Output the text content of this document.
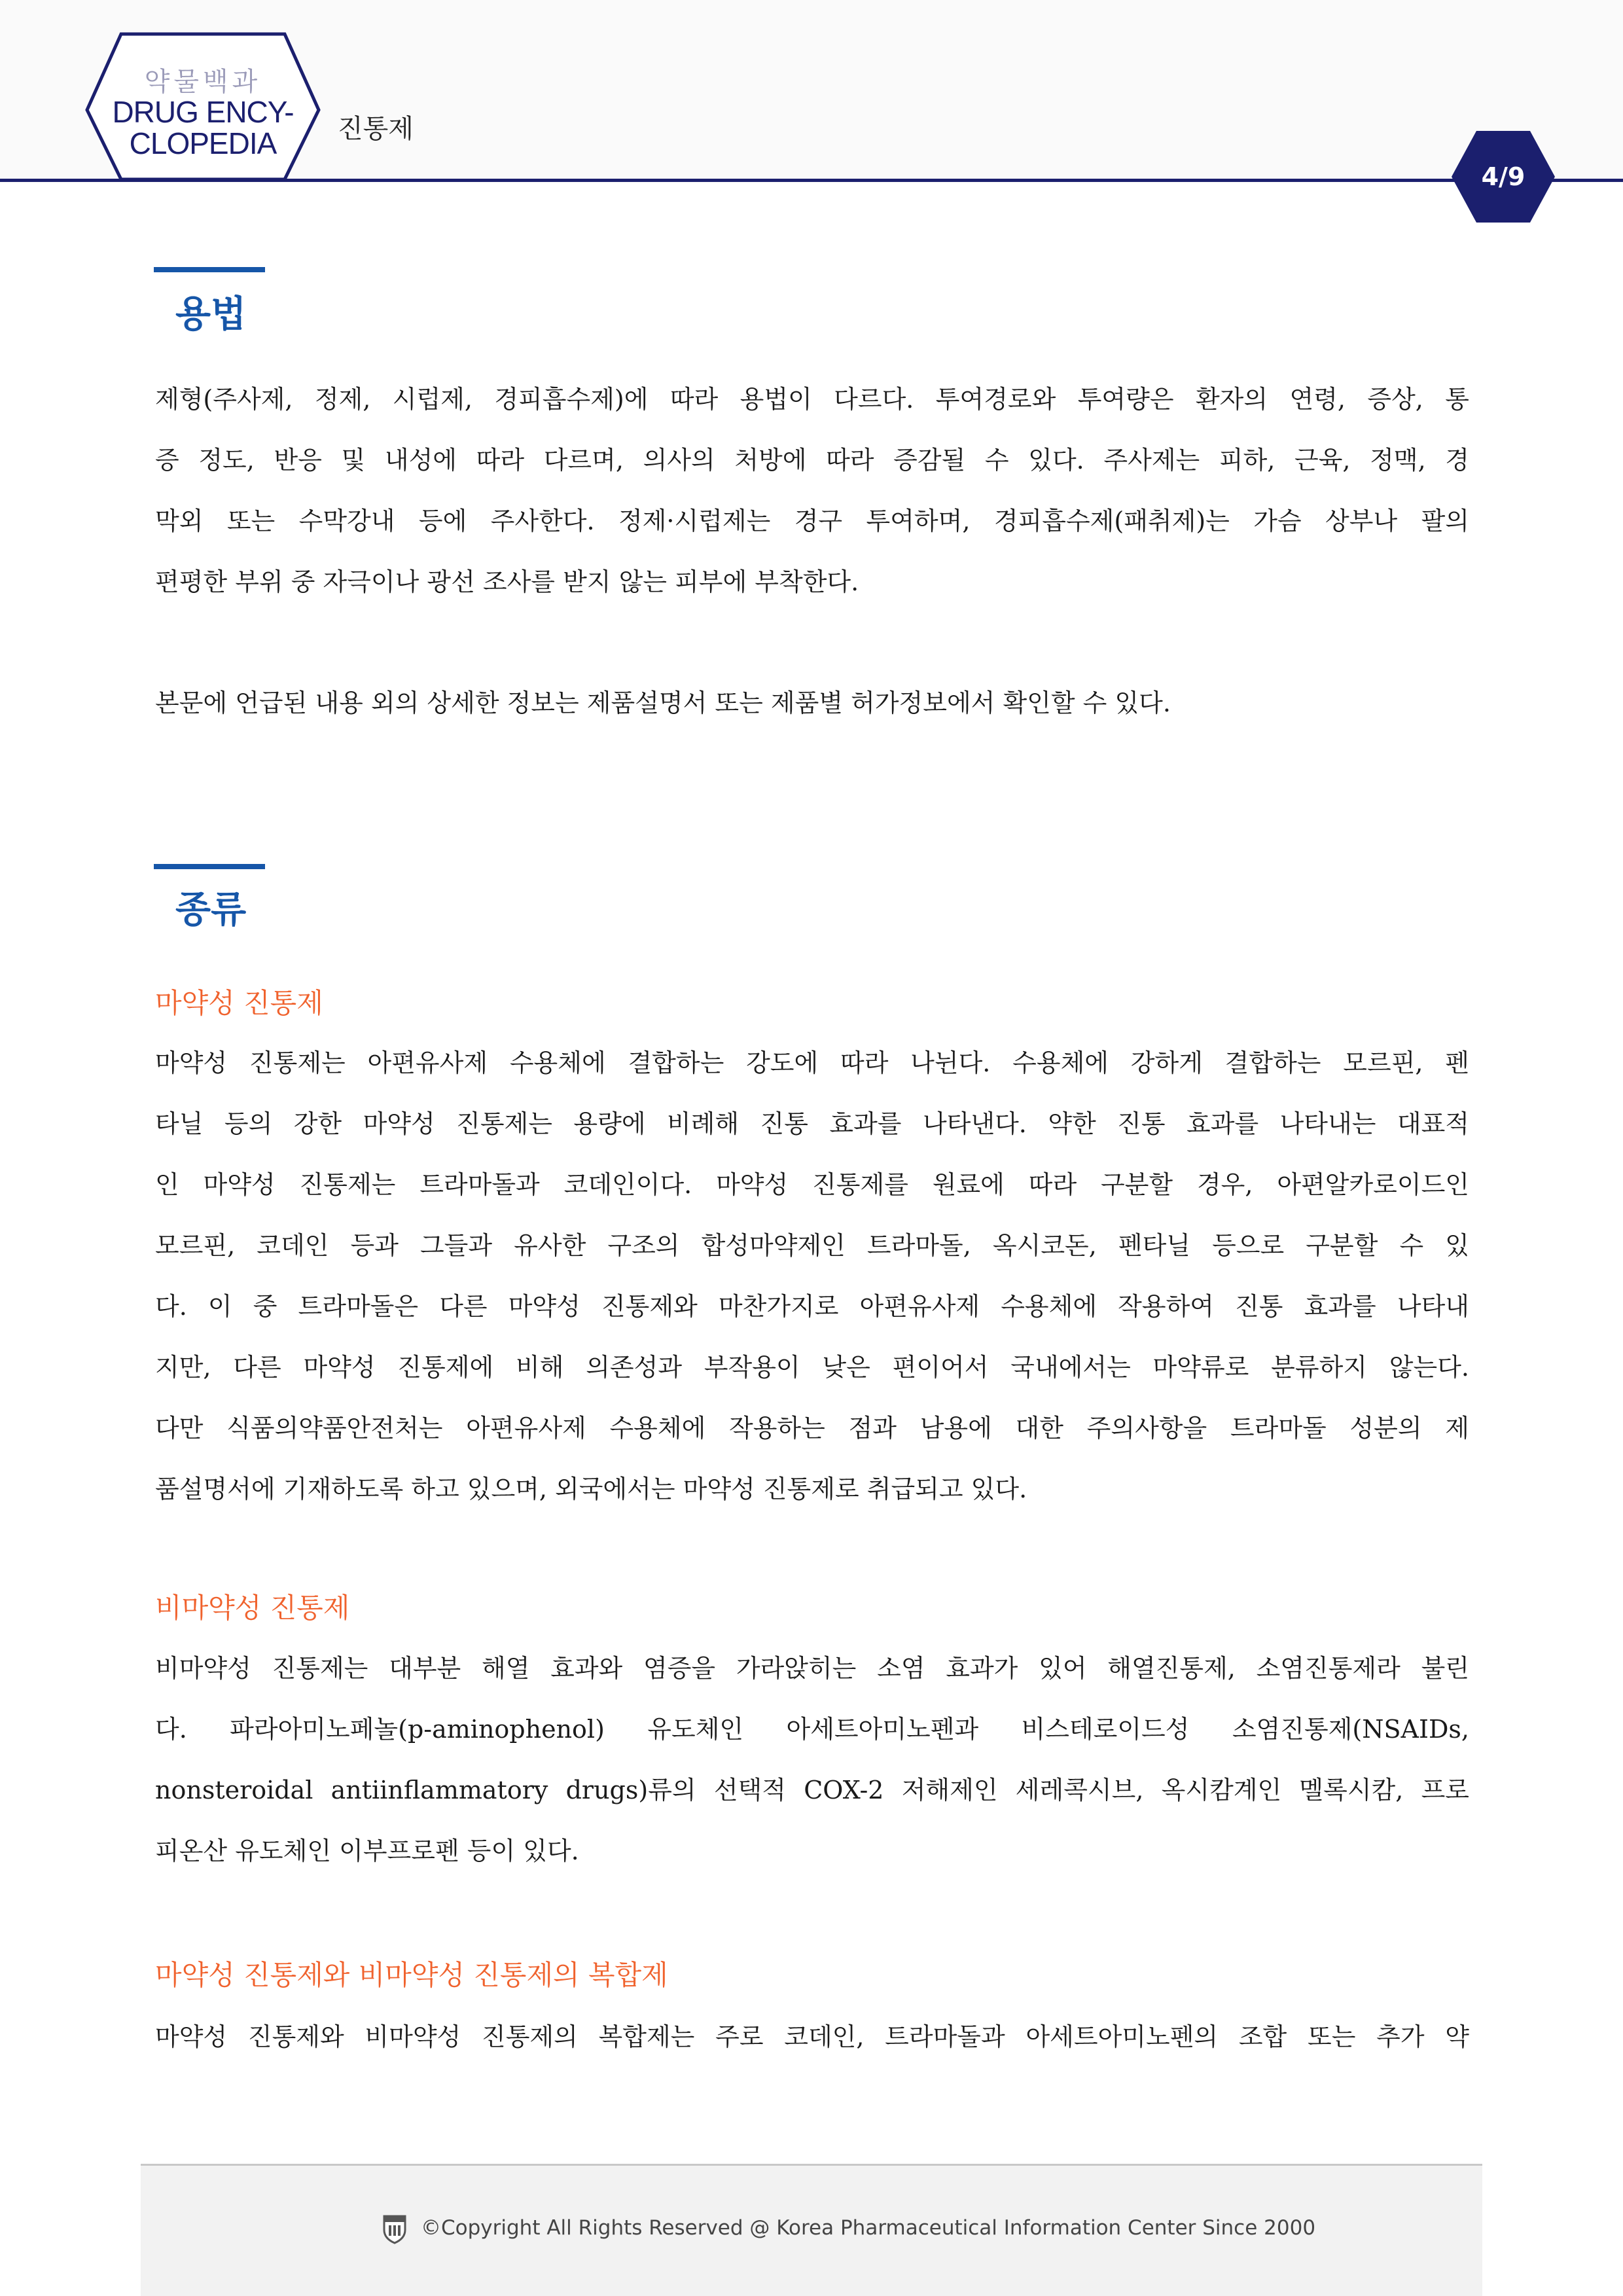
약물백과
DRUG ENCY-
CLOPEDIA	진통제
4/9
용법
제형(주사제, 정제, 시럽제, 경피흡수제)에 따라 용법이 다르다. 투여경로와 투여량은 환자의 연령, 증상, 통
증 정도, 반응 및 내성에 따라 다르며, 의사의 처방에 따라 증감될 수 있다. 주사제는 피하, 근육, 정맥, 경
막외 또는 수막강내 등에 주사한다. 정제·시럽제는 경구 투여하며, 경피흡수제(패취제)는 가슴 상부나 팔의
편평한 부위 중 자극이나 광선 조사를 받지 않는 피부에 부착한다.
본문에 언급된 내용 외의 상세한 정보는 제품설명서 또는 제품별 허가정보에서 확인할 수 있다.
종류
마약성 진통제
마약성 진통제는 아편유사제 수용체에 결합하는 강도에 따라 나뉜다. 수용체에 강하게 결합하는 모르핀, 펜
타닐 등의 강한 마약성 진통제는 용량에 비례해 진통 효과를 나타낸다. 약한 진통 효과를 나타내는 대표적
인 마약성 진통제는 트라마돌과 코데인이다. 마약성 진통제를 원료에 따라 구분할 경우, 아편알카로이드인
모르핀, 코데인 등과 그들과 유사한 구조의 합성마약제인 트라마돌, 옥시코돈, 펜타닐 등으로 구분할 수 있
다. 이 중 트라마돌은 다른 마약성 진통제와 마찬가지로 아편유사제 수용체에 작용하여 진통 효과를 나타내
지만, 다른 마약성 진통제에 비해 의존성과 부작용이 낮은 편이어서 국내에서는 마약류로 분류하지 않는다.
다만 식품의약품안전처는 아편유사제 수용체에 작용하는 점과 남용에 대한 주의사항을 트라마돌 성분의 제
품설명서에 기재하도록 하고 있으며, 외국에서는 마약성 진통제로 취급되고 있다.
비마약성 진통제
비마약성 진통제는 대부분 해열 효과와 염증을 가라앉히는 소염 효과가 있어 해열진통제, 소염진통제라 불린
다. 파라아미노페놀(p-aminophenol) 유도체인 아세트아미노펜과 비스테로이드성 소염진통제(NSAIDs,
nonsteroidal antiinflammatory drugs)류의 선택적 COX-2 저해제인 세레콕시브, 옥시캄계인 멜록시캄, 프로
피온산 유도체인 이부프로펜 등이 있다.
마약성 진통제와 비마약성 진통제의 복합제
마약성 진통제와 비마약성 진통제의 복합제는 주로 코데인, 트라마돌과 아세트아미노펜의 조합 또는 추가 약
©Copyright All Rights Reserved @ Korea Pharmaceutical Information Center Since 2000
